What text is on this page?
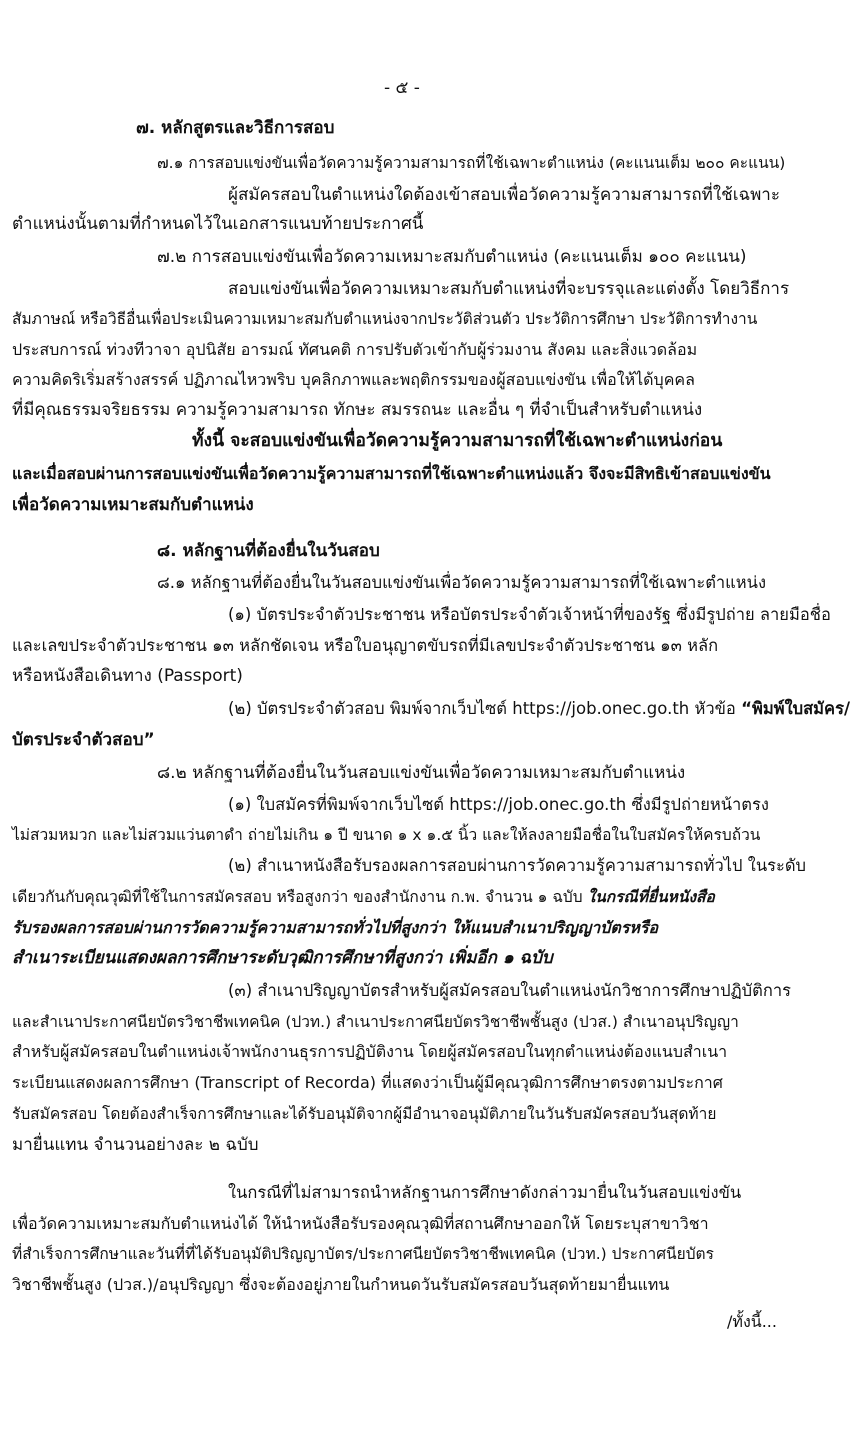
- ๕ -
๗. หลักสูตรและวิธีการสอบ
๗.๑ การสอบแข่งขันเพื่อวัดความรู้ความสามารถที่ใช้เฉพาะตำแหน่ง (คะแนนเต็ม ๒๐๐ คะแนน)
ผู้สมัครสอบในตำแหน่งใดต้องเข้าสอบเพื่อวัดความรู้ความสามารถที่ใช้เฉพาะ
ตำแหน่งนั้นตามที่กำหนดไว้ในเอกสารแนบท้ายประกาศนี้
๗.๒ การสอบแข่งขันเพื่อวัดความเหมาะสมกับตำแหน่ง (คะแนนเต็ม ๑๐๐ คะแนน)
สอบแข่งขันเพื่อวัดความเหมาะสมกับตำแหน่งที่จะบรรจุและแต่งตั้ง โดยวิธีการ
สัมภาษณ์ หรือวิธีอื่นเพื่อประเมินความเหมาะสมกับตำแหน่งจากประวัติส่วนตัว ประวัติการศึกษา ประวัติการทำงาน
ประสบการณ์ ท่วงทีวาจา อุปนิสัย อารมณ์ ทัศนคติ การปรับตัวเข้ากับผู้ร่วมงาน สังคม และสิ่งแวดล้อม
ความคิดริเริ่มสร้างสรรค์ ปฏิภาณไหวพริบ บุคลิกภาพและพฤติกรรมของผู้สอบแข่งขัน เพื่อให้ได้บุคคล
ที่มีคุณธรรมจริยธรรม ความรู้ความสามารถ ทักษะ สมรรถนะ และอื่น ๆ ที่จำเป็นสำหรับตำแหน่ง
ทั้งนี้ จะสอบแข่งขันเพื่อวัดความรู้ความสามารถที่ใช้เฉพาะตำแหน่งก่อน
และเมื่อสอบผ่านการสอบแข่งขันเพื่อวัดความรู้ความสามารถที่ใช้เฉพาะตำแหน่งแล้ว จึงจะมีสิทธิเข้าสอบแข่งขัน
เพื่อวัดความเหมาะสมกับตำแหน่ง
๘. หลักฐานที่ต้องยื่นในวันสอบ
๘.๑ หลักฐานที่ต้องยื่นในวันสอบแข่งขันเพื่อวัดความรู้ความสามารถที่ใช้เฉพาะตำแหน่ง
(๑) บัตรประจำตัวประชาชน หรือบัตรประจำตัวเจ้าหน้าที่ของรัฐ ซึ่งมีรูปถ่าย ลายมือชื่อ
และเลขประจำตัวประชาชน ๑๓ หลักชัดเจน หรือใบอนุญาตขับรถที่มีเลขประจำตัวประชาชน ๑๓ หลัก
หรือหนังสือเดินทาง (Passport)
(๒) บัตรประจำตัวสอบ พิมพ์จากเว็บไซต์ https://job.onec.go.th หัวข้อ “พิมพ์ใบสมัคร/
บัตรประจำตัวสอบ”
๘.๒ หลักฐานที่ต้องยื่นในวันสอบแข่งขันเพื่อวัดความเหมาะสมกับตำแหน่ง
(๑) ใบสมัครที่พิมพ์จากเว็บไซต์ https://job.onec.go.th ซึ่งมีรูปถ่ายหน้าตรง
ไม่สวมหมวก และไม่สวมแว่นตาดำ ถ่ายไม่เกิน ๑ ปี ขนาด ๑ x ๑.๕ นิ้ว และให้ลงลายมือชื่อในใบสมัครให้ครบถ้วน
(๒) สำเนาหนังสือรับรองผลการสอบผ่านการวัดความรู้ความสามารถทั่วไป ในระดับ
เดียวกันกับคุณวุฒิที่ใช้ในการสมัครสอบ หรือสูงกว่า ของสำนักงาน ก.พ. จำนวน ๑ ฉบับ ในกรณีที่ยื่นหนังสือ
รับรองผลการสอบผ่านการวัดความรู้ความสามารถทั่วไปที่สูงกว่า ให้แนบสำเนาปริญญาบัตรหรือ
สำเนาระเบียนแสดงผลการศึกษาระดับวุฒิการศึกษาที่สูงกว่า เพิ่มอีก ๑ ฉบับ
(๓) สำเนาปริญญาบัตรสำหรับผู้สมัครสอบในตำแหน่งนักวิชาการศึกษาปฏิบัติการ
และสำเนาประกาศนียบัตรวิชาชีพเทคนิค (ปวท.) สำเนาประกาศนียบัตรวิชาชีพชั้นสูง (ปวส.) สำเนาอนุปริญญา
สำหรับผู้สมัครสอบในตำแหน่งเจ้าพนักงานธุรการปฏิบัติงาน โดยผู้สมัครสอบในทุกตำแหน่งต้องแนบสำเนา
ระเบียนแสดงผลการศึกษา (Transcript of Recorda) ที่แสดงว่าเป็นผู้มีคุณวุฒิการศึกษาตรงตามประกาศ
รับสมัครสอบ โดยต้องสำเร็จการศึกษาและได้รับอนุมัติจากผู้มีอำนาจอนุมัติภายในวันรับสมัครสอบวันสุดท้าย
มายื่นแทน จำนวนอย่างละ ๒ ฉบับ
ในกรณีที่ไม่สามารถนำหลักฐานการศึกษาดังกล่าวมายื่นในวันสอบแข่งขัน
เพื่อวัดความเหมาะสมกับตำแหน่งได้ ให้นำหนังสือรับรองคุณวุฒิที่สถานศึกษาออกให้ โดยระบุสาขาวิชา
ที่สำเร็จการศึกษาและวันที่ที่ได้รับอนุมัติปริญญาบัตร/ประกาศนียบัตรวิชาชีพเทคนิค (ปวท.) ประกาศนียบัตร
วิชาชีพชั้นสูง (ปวส.)/อนุปริญญา ซึ่งจะต้องอยู่ภายในกำหนดวันรับสมัครสอบวันสุดท้ายมายื่นแทน
/ทั้งนี้...
